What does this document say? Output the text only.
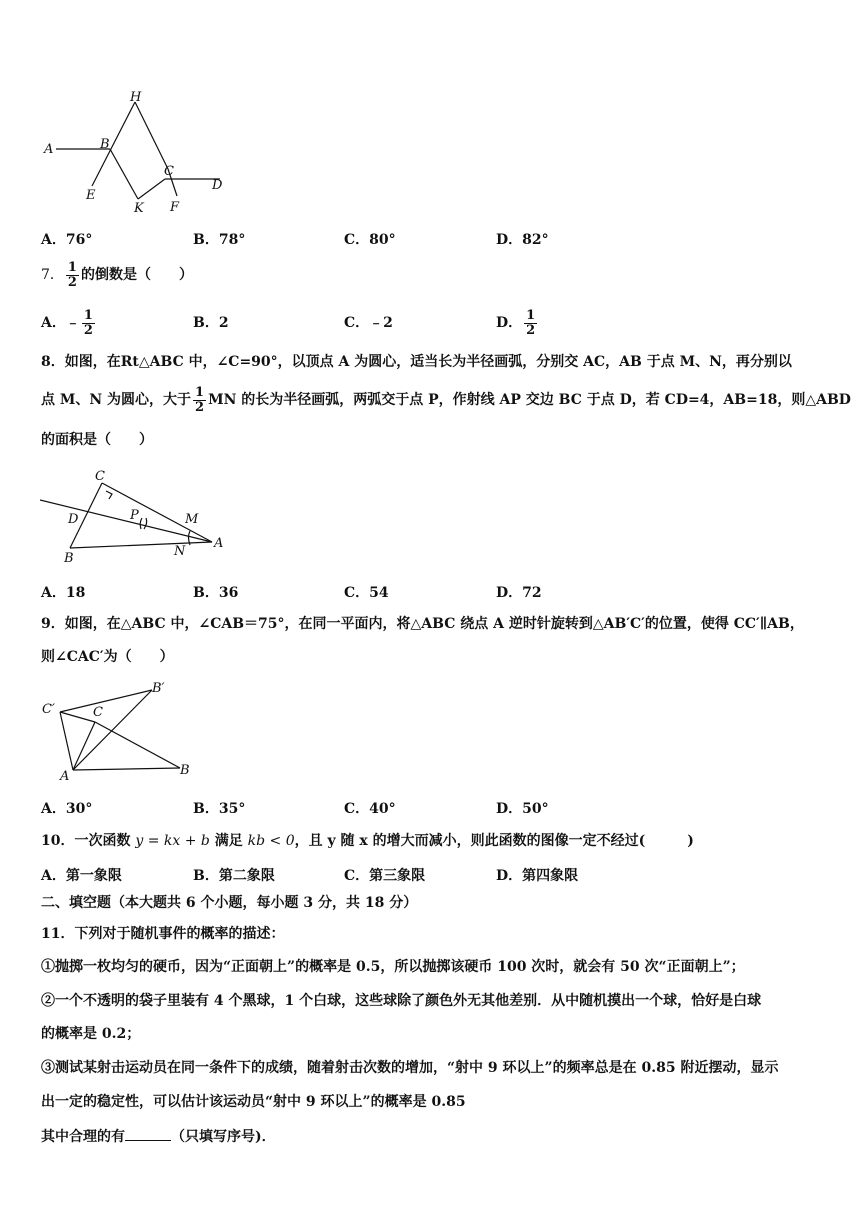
H
A	B
C
D
E
K F
A．76°	B．78°	C．80°	D．82°
7． $\frac{1}{2}$ 的倒数是（　　）
A．﹣ $\frac{1}{2}$	B．2	C．﹣2	D． $\frac{1}{2}$
8．如图，在Rt△ABC 中，∠C=90°，以顶点 A 为圆心，适当长为半径画弧，分别交 AC，AB 于点 M、N，再分别以
点 M、N 为圆心，大于 $\frac{1}{2}$ MN 的长为半径画弧，两弧交于点 P，作射线 AP 交边 BC 于点 D，若 CD=4，AB=18，则△ABD
的面积是（　　）
C
D	P	M
B	N
A
A．18	B．36	C．54	D．72
9．如图，在△ABC 中，∠CAB＝75°，在同一平面内，将△ABC 绕点 A 逆时针旋转到△AB′C′的位置，使得 CC′∥AB，
则∠CAC′为（　　）
C′	C
B′
A	B
A．30°	B．35°	C．40°	D．50°
10．一次函数 y = kx + b 满足 kb < 0，且 y 随 x 的增大而减小，则此函数的图像一定不经过(　　　)
A．第一象限	B．第二象限	C．第三象限	D．第四象限
二、填空题（本大题共 6 个小题，每小题 3 分，共 18 分）
11．下列对于随机事件的概率的描述：
①抛掷一枚均匀的硬币，因为“正面朝上”的概率是 0.5，所以抛掷该硬币 100 次时，就会有 50 次“正面朝上”；
②一个不透明的袋子里装有 4 个黑球，1 个白球，这些球除了颜色外无其他差别．从中随机摸出一个球，恰好是白球
的概率是 0.2；
③测试某射击运动员在同一条件下的成绩，随着射击次数的增加，“射中 9 环以上”的频率总是在 0.85 附近摆动，显示
出一定的稳定性，可以估计该运动员“射中 9 环以上”的概率是 0.85
其中合理的有	（只填写序号)．
